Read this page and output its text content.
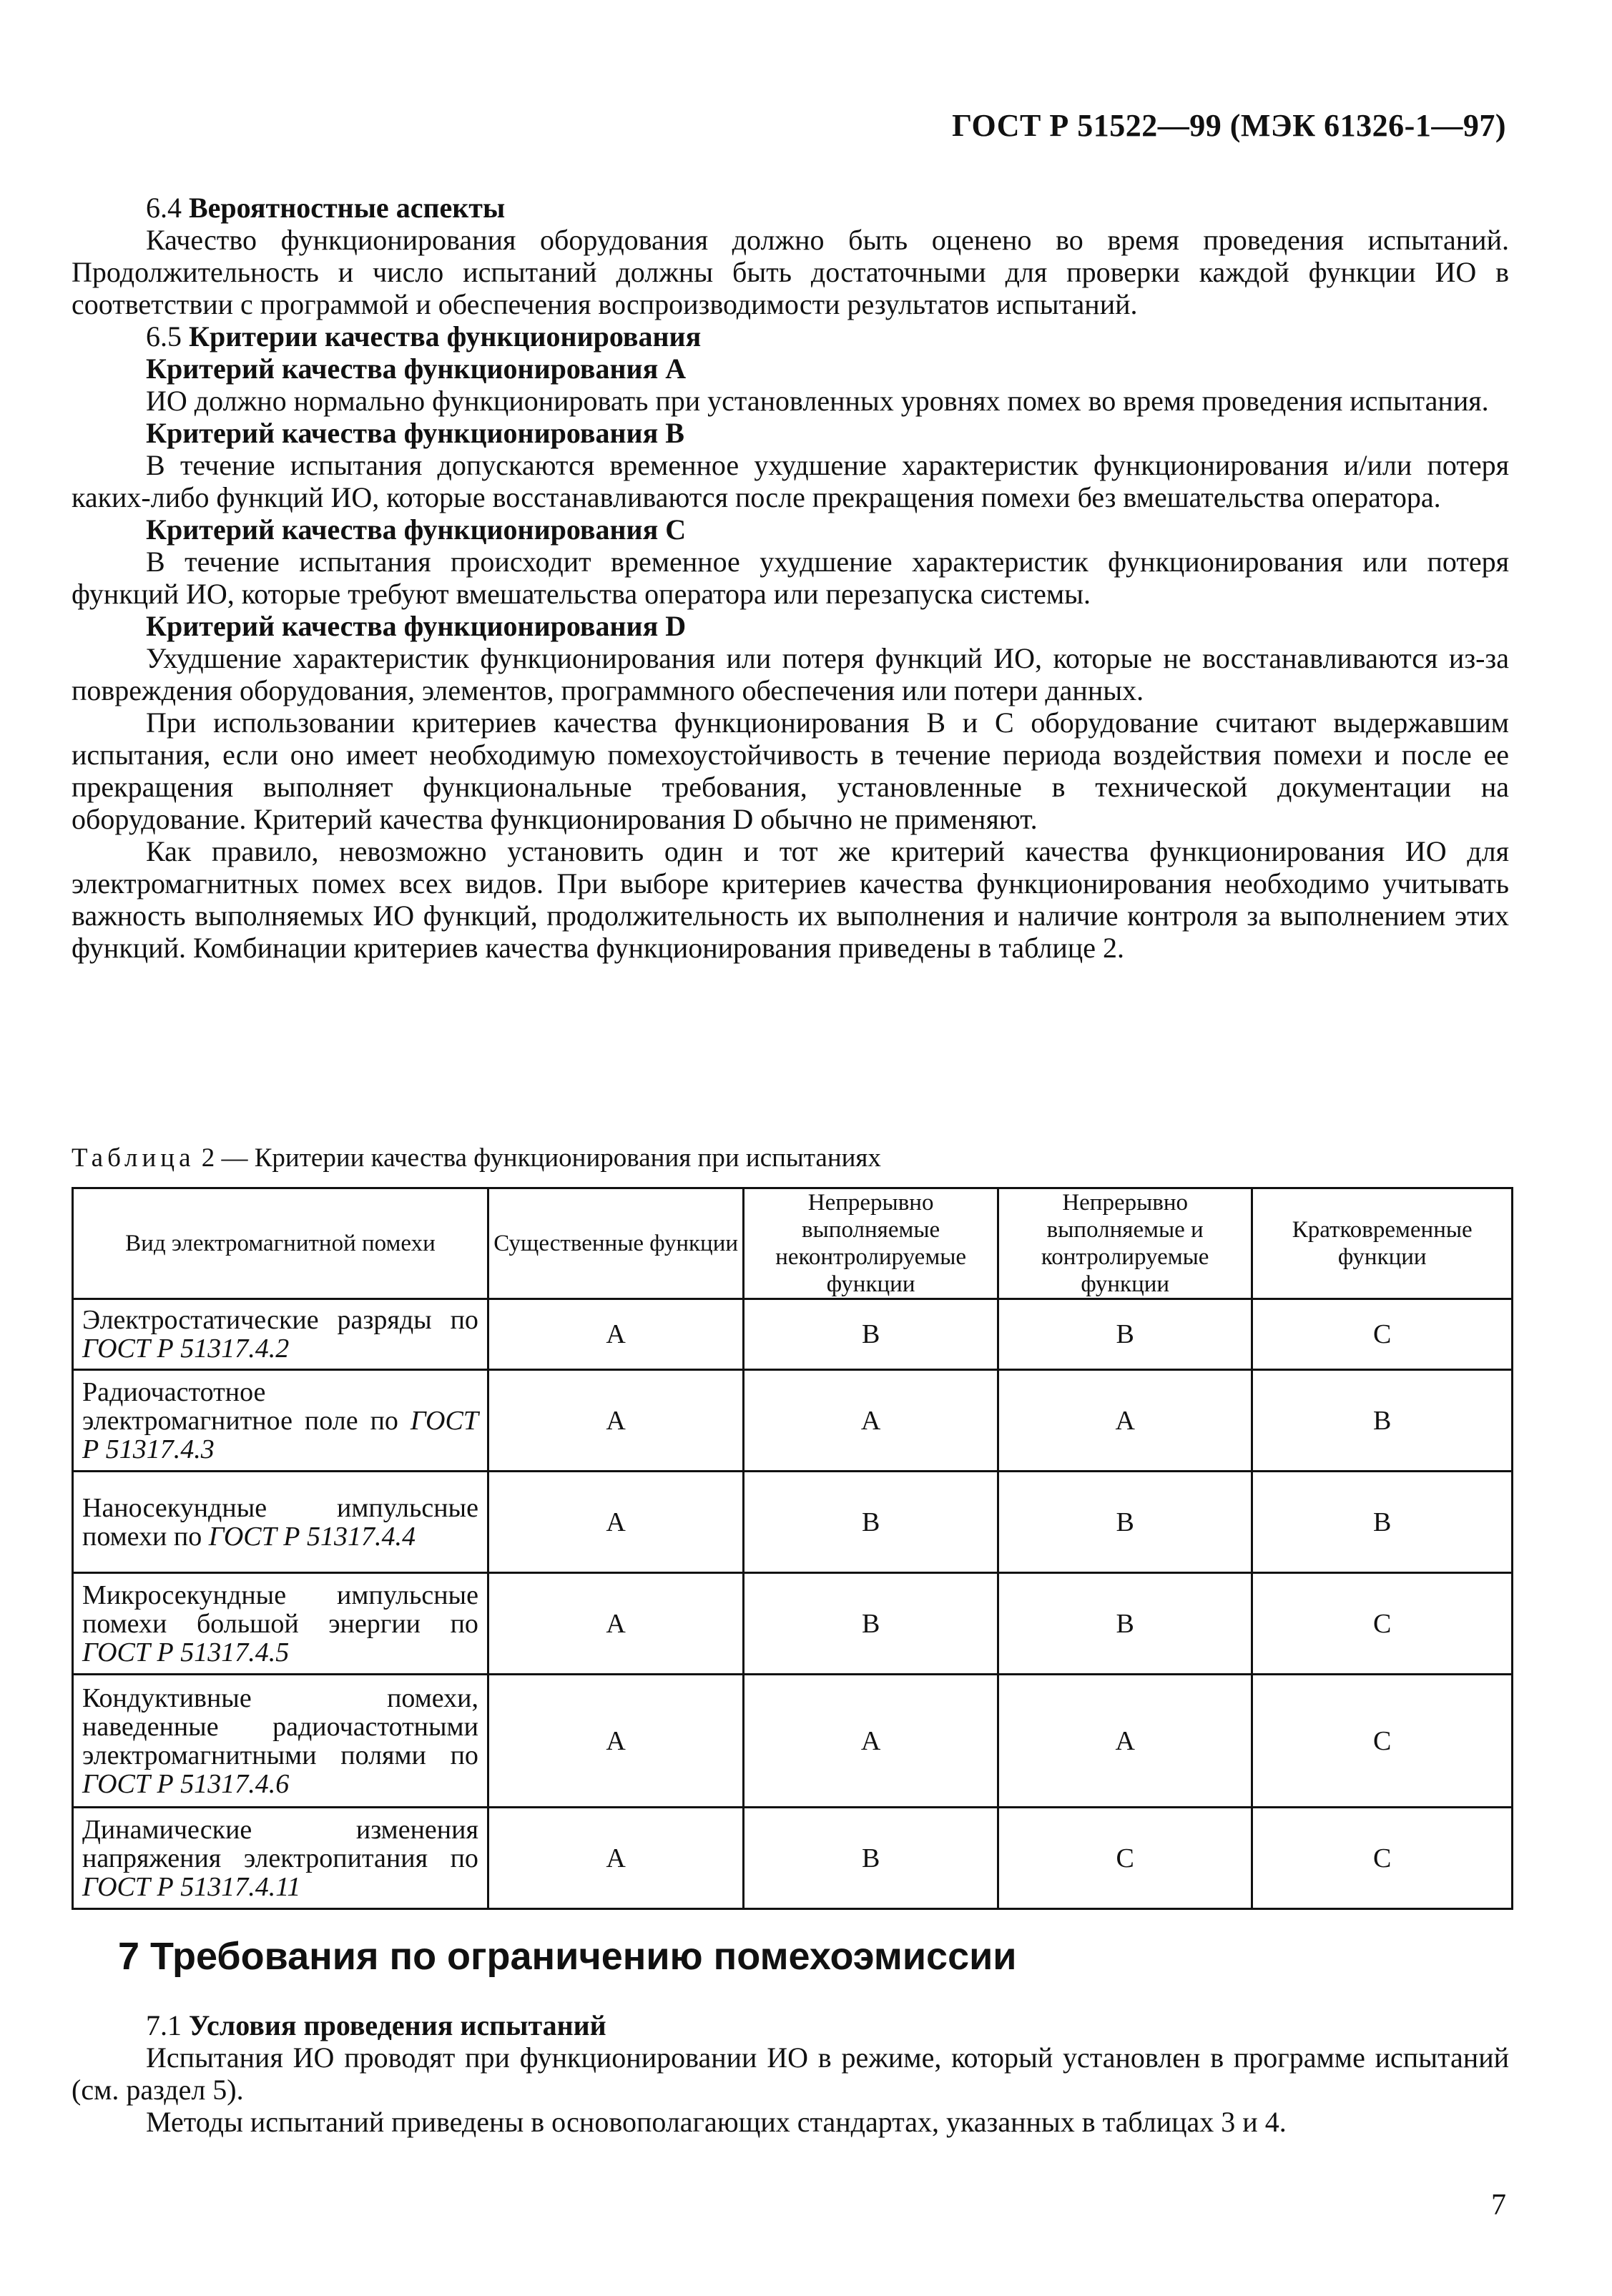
ГОСТ Р 51522—99 (МЭК 61326-1—97)

6.4 Вероятностные аспекты

Качество функционирования оборудования должно быть оценено во время проведения испытаний. Продолжительность и число испытаний должны быть достаточными для проверки каждой функции ИО в соответствии с программой и обеспечения воспроизводимости результатов испытаний.

6.5 Критерии качества функционирования

Критерий качества функционирования А

ИО должно нормально функционировать при установленных уровнях помех во время проведения испытания.

Критерий качества функционирования В

В течение испытания допускаются временное ухудшение характеристик функционирования и/или потеря каких-либо функций ИО, которые восстанавливаются после прекращения помехи без вмешательства оператора.

Критерий качества функционирования С

В течение испытания происходит временное ухудшение характеристик функционирования или потеря функций ИО, которые требуют вмешательства оператора или перезапуска системы.

Критерий качества функционирования D

Ухудшение характеристик функционирования или потеря функций ИО, которые не восстанавливаются из-за повреждения оборудования, элементов, программного обеспечения или потери данных.

При использовании критериев качества функционирования В и С оборудование считают выдержавшим испытания, если оно имеет необходимую помехоустойчивость в течение периода воздействия помехи и после ее прекращения выполняет функциональные требования, установленные в технической документации на оборудование. Критерий качества функционирования D обычно не применяют.

Как правило, невозможно установить один и тот же критерий качества функционирования ИО для электромагнитных помех всех видов. При выборе критериев качества функционирования необходимо учитывать важность выполняемых ИО функций, продолжительность их выполнения и наличие контроля за выполнением этих функций. Комбинации критериев качества функционирования приведены в таблице 2.

Таблица 2 — Критерии качества функционирования при испытаниях
Вид электромагнитной помехи	Существенные функции	Непрерывно выполняемые неконтролируемые функции	Непрерывно выполняемые и контролируемые функции	Кратковременные функции
Электростатические разряды по ГОСТ Р 51317.4.2	А	В	В	С
Радиочастотное электромагнитное поле по ГОСТ Р 51317.4.3	А	А	А	В
Наносекундные импульсные помехи по ГОСТ Р 51317.4.4	А	В	В	В
Микросекундные импульсные помехи большой энергии по ГОСТ Р 51317.4.5	А	В	В	С
Кондуктивные помехи, наведенные радиочастотными электромагнитными полями по ГОСТ Р 51317.4.6	А	А	А	С
Динамические изменения напряжения электропитания по ГОСТ Р 51317.4.11	А	В	С	С
7 Требования по ограничению помехоэмиссии

7.1 Условия проведения испытаний

Испытания ИО проводят при функционировании ИО в режиме, который установлен в программе испытаний (см. раздел 5).

Методы испытаний приведены в основополагающих стандартах, указанных в таблицах 3 и 4.

7
